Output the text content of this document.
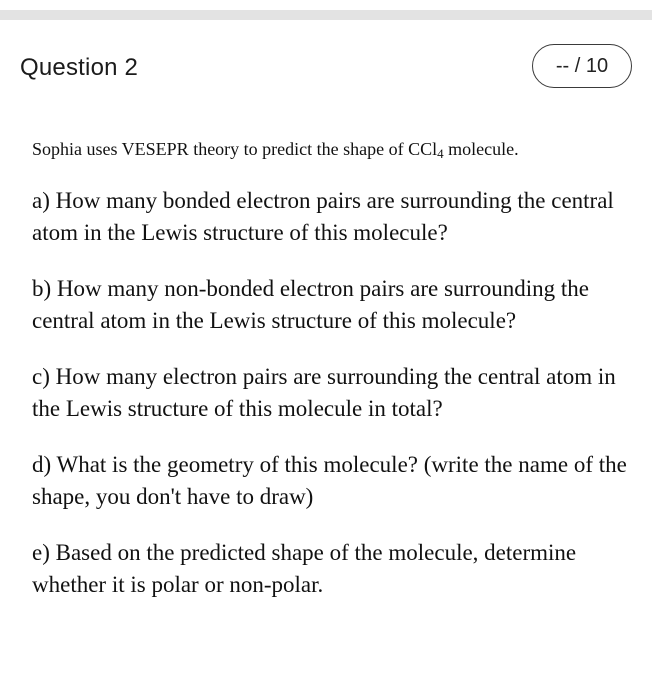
Question 2	-- / 10

Sophia uses VESEPR theory to predict the shape of CCl$_4$ molecule.

a) How many bonded electron pairs are surrounding the central atom in the Lewis structure of this molecule?

b) How many non-bonded electron pairs are surrounding the central atom in the Lewis structure of this molecule?

c) How many electron pairs are surrounding the central atom in the Lewis structure of this molecule in total?

d) What is the geometry of this molecule? (write the name of the shape, you don't have to draw)

e) Based on the predicted shape of the molecule, determine whether it is polar or non-polar.
